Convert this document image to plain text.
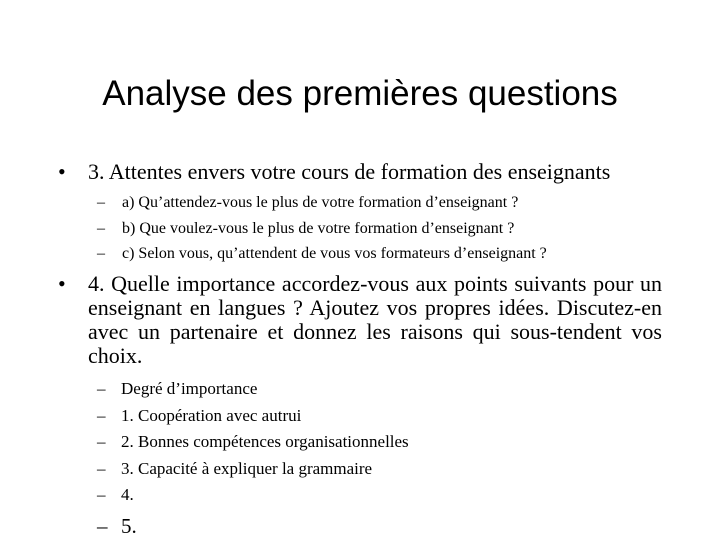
Analyse des premières questions
•	3. Attentes envers votre cours de formation des enseignants
– a) Qu’attendez-vous le plus de votre formation d’enseignant ?
– b) Que voulez-vous le plus de votre formation d’enseignant ?
– c) Selon vous, qu’attendent de vous vos formateurs d’enseignant ?
•	4. Quelle importance accordez-vous aux points suivants pour un enseignant en langues ? Ajoutez vos propres idées. Discutez-en avec un partenaire et donnez les raisons qui sous-tendent vos choix.
– Degré d’importance
– 1. Coopération avec autrui
– 2. Bonnes compétences organisationnelles
– 3. Capacité à expliquer la grammaire
– 4.
– 5.
